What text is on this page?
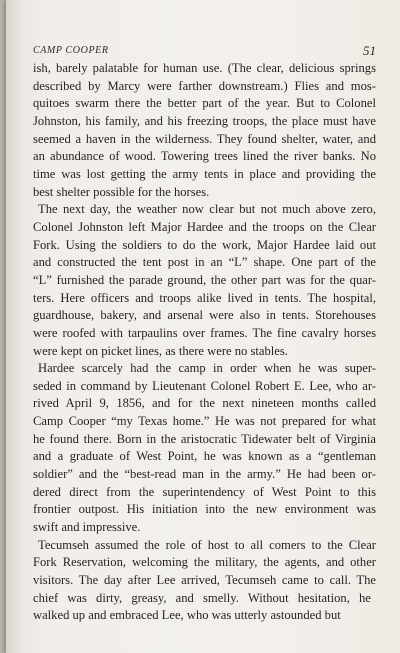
CAMP COOPER	51
ish, barely palatable for human use. (The clear, delicious springs
described by Marcy were farther downstream.) Flies and mos-
quitoes swarm there the better part of the year. But to Colonel
Johnston, his family, and his freezing troops, the place must have
seemed a haven in the wilderness. They found shelter, water, and
an abundance of wood. Towering trees lined the river banks. No
time was lost getting the army tents in place and providing the
best shelter possible for the horses.
The next day, the weather now clear but not much above zero,
Colonel Johnston left Major Hardee and the troops on the Clear
Fork. Using the soldiers to do the work, Major Hardee laid out
and constructed the tent post in an “L” shape. One part of the
“L” furnished the parade ground, the other part was for the quar-
ters. Here officers and troops alike lived in tents. The hospital,
guardhouse, bakery, and arsenal were also in tents. Storehouses
were roofed with tarpaulins over frames. The fine cavalry horses
were kept on picket lines, as there were no stables.
Hardee scarcely had the camp in order when he was super-
seded in command by Lieutenant Colonel Robert E. Lee, who ar-
rived April 9, 1856, and for the next nineteen months called
Camp Cooper “my Texas home.” He was not prepared for what
he found there. Born in the aristocratic Tidewater belt of Virginia
and a graduate of West Point, he was known as a “gentleman
soldier” and the “best-read man in the army.” He had been or-
dered direct from the superintendency of West Point to this
frontier outpost. His initiation into the new environment was
swift and impressive.
Tecumseh assumed the role of host to all comers to the Clear
Fork Reservation, welcoming the military, the agents, and other
visitors. The day after Lee arrived, Tecumseh came to call. The
chief was dirty, greasy, and smelly. Without hesitation, he
walked up and embraced Lee, who was utterly astounded but
